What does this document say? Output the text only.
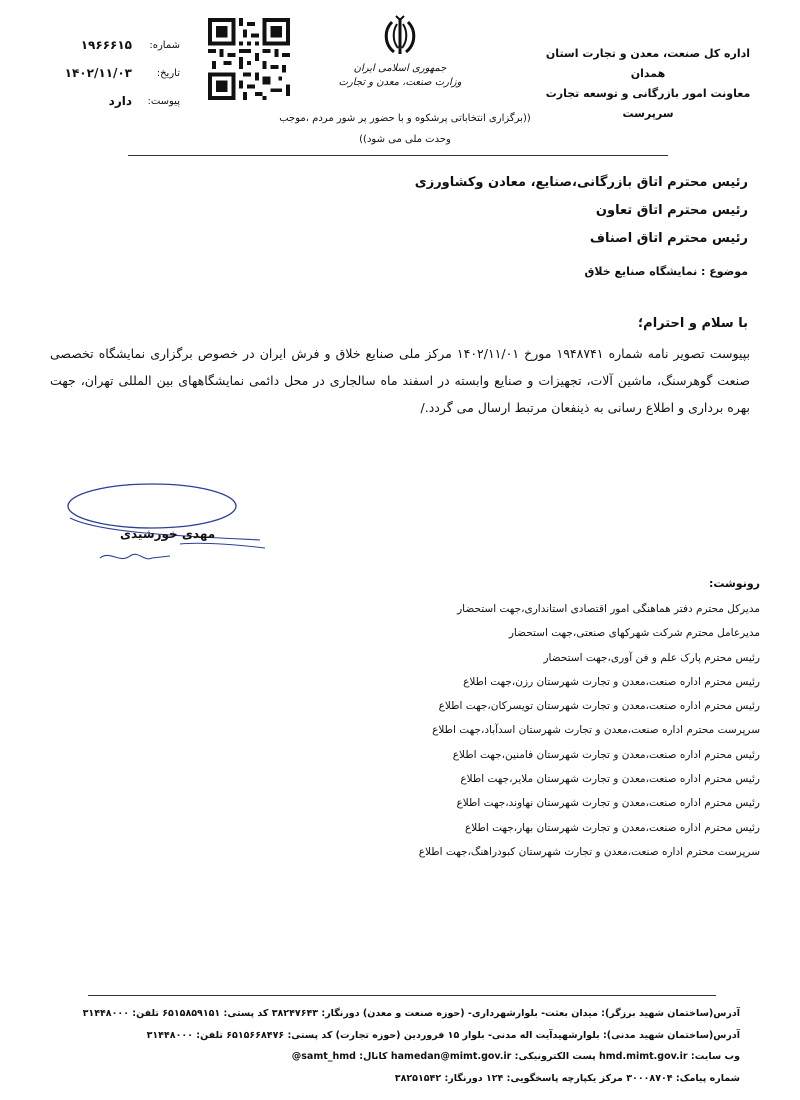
اداره کل صنعت، معدن و تجارت استان همدان
معاونت امور بازرگانی و توسعه تجارت
سرپرست
جمهوری اسلامی ایران
وزارت صنعت، معدن و تجارت
((برگزاری انتخاباتی پرشکوه و با حضور پر شور مردم ،موجب
وحدت ملی می شود))
شماره:
۱۹۶۶۶۱۵
تاریخ:
۱۴۰۲/۱۱/۰۳
پیوست:
دارد
رئیس محترم اتاق بازرگانی،صنایع، معادن وکشاورزی
رئیس محترم اتاق تعاون
رئیس محترم اتاق اصناف
موضوع : نمایشگاه صنایع خلاق
با سلام و احترام؛
بپیوست تصویر نامه شماره ۱۹۴۸۷۴۱ مورخ ۱۴۰۲/۱۱/۰۱ مرکز ملی صنایع خلاق و فرش ایران در خصوص برگزاری نمایشگاه تخصصی صنعت گوهرسنگ، ماشین آلات، تجهیزات و صنایع وابسته در اسفند ماه سالجاری در محل دائمی نمایشگاههای بین المللی تهران، جهت بهره برداری و اطلاع رسانی به ذینفعان مرتبط ارسال می گردد./
مهدی خورشیدی
رونوشت:
مدیرکل محترم دفتر هماهنگی امور اقتصادی استانداری،جهت استحضار
مدیرعامل محترم شرکت شهرکهای صنعتی،جهت استحضار
رئیس محترم پارک علم و فن آوری،جهت استحضار
رئیس محترم اداره صنعت،معدن و تجارت شهرستان رزن،جهت اطلاع
رئیس محترم اداره صنعت،معدن و تجارت شهرستان تویسرکان،جهت اطلاع
سرپرست محترم اداره صنعت،معدن و تجارت شهرستان اسدآباد،جهت اطلاع
رئیس محترم اداره صنعت،معدن و تجارت شهرستان فامنین،جهت اطلاع
رئیس محترم اداره صنعت،معدن و تجارت شهرستان ملایر،جهت اطلاع
رئیس محترم اداره صنعت،معدن و تجارت شهرستان نهاوند،جهت اطلاع
رئیس محترم اداره صنعت،معدن و تجارت شهرستان بهار،جهت اطلاع
سرپرست محترم اداره صنعت،معدن و تجارت شهرستان کبودراهنگ،جهت اطلاع
آدرس(ساختمان شهید برزگر): میدان بعثت- بلوارشهرداری- (حوزه صنعت و معدن) دورنگار: ۳۸۲۴۷۶۴۳ کد پستی: ۶۵۱۵۸۵۹۱۵۱ تلفن: ۳۱۴۴۸۰۰۰
آدرس(ساختمان شهید مدنی): بلوارشهیدآیت اله مدنی- بلوار ۱۵ فروردین (حوزه تجارت) کد پستی: ۶۵۱۵۶۶۸۴۷۶ تلفن: ۳۱۴۴۸۰۰۰
وب سایت: hmd.mimt.gov.ir پست الکترونیکی: hamedan@mimt.gov.ir کانال: samt_hmd@
شماره پیامک: ۳۰۰۰۸۷۰۴ مرکز یکپارچه پاسخگویی: ۱۲۴ دورنگار: ۳۸۲۵۱۵۴۲
